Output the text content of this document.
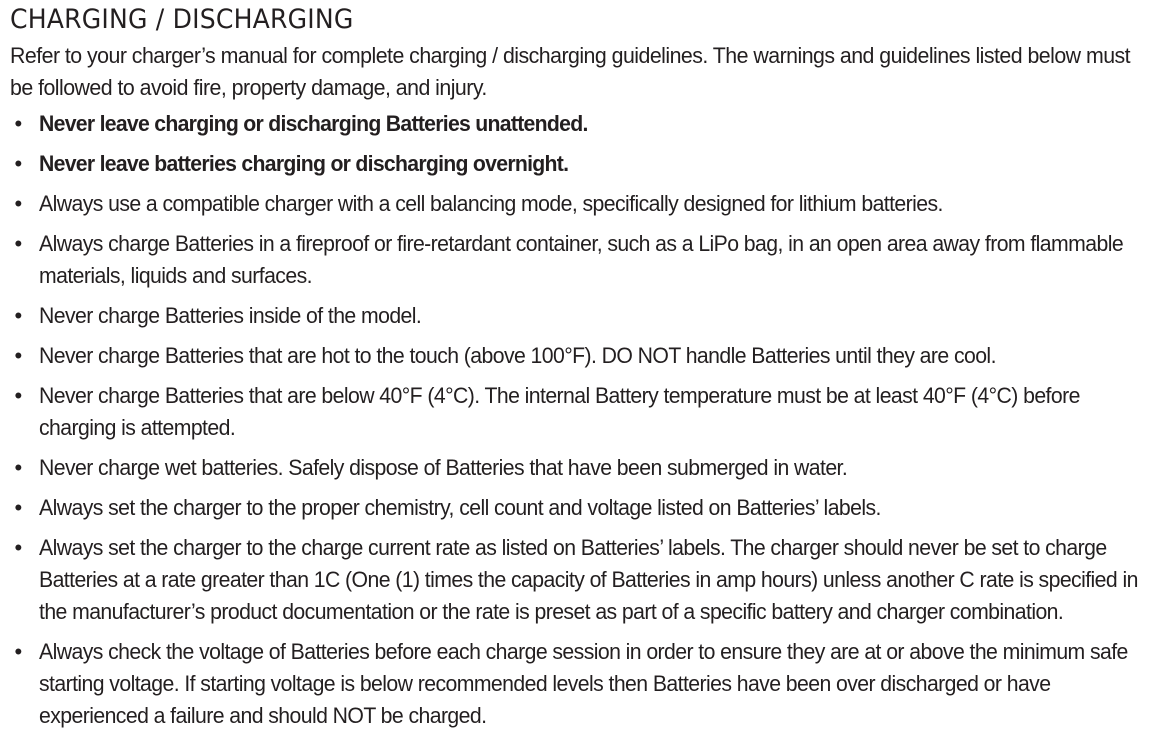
CHARGING / DISCHARGING

Refer to your charger’s manual for complete charging / discharging guidelines. The warnings and guidelines listed below must be followed to avoid fire, property damage, and injury.

• Never leave charging or discharging Batteries unattended.
• Never leave batteries charging or discharging overnight.
• Always use a compatible charger with a cell balancing mode, specifically designed for lithium batteries.
• Always charge Batteries in a fireproof or fire-retardant container, such as a LiPo bag, in an open area away from flammable materials, liquids and surfaces.
• Never charge Batteries inside of the model.
• Never charge Batteries that are hot to the touch (above 100°F). DO NOT handle Batteries until they are cool.
• Never charge Batteries that are below 40°F (4°C). The internal Battery temperature must be at least 40°F (4°C) before charging is attempted.
• Never charge wet batteries. Safely dispose of Batteries that have been submerged in water.
• Always set the charger to the proper chemistry, cell count and voltage listed on Batteries’ labels.
• Always set the charger to the charge current rate as listed on Batteries’ labels. The charger should never be set to charge Batteries at a rate greater than 1C (One (1) times the capacity of Batteries in amp hours) unless another C rate is specified in the manufacturer’s product documentation or the rate is preset as part of a specific battery and charger combination.
• Always check the voltage of Batteries before each charge session in order to ensure they are at or above the minimum safe starting voltage. If starting voltage is below recommended levels then Batteries have been over discharged or have experienced a failure and should NOT be charged.
